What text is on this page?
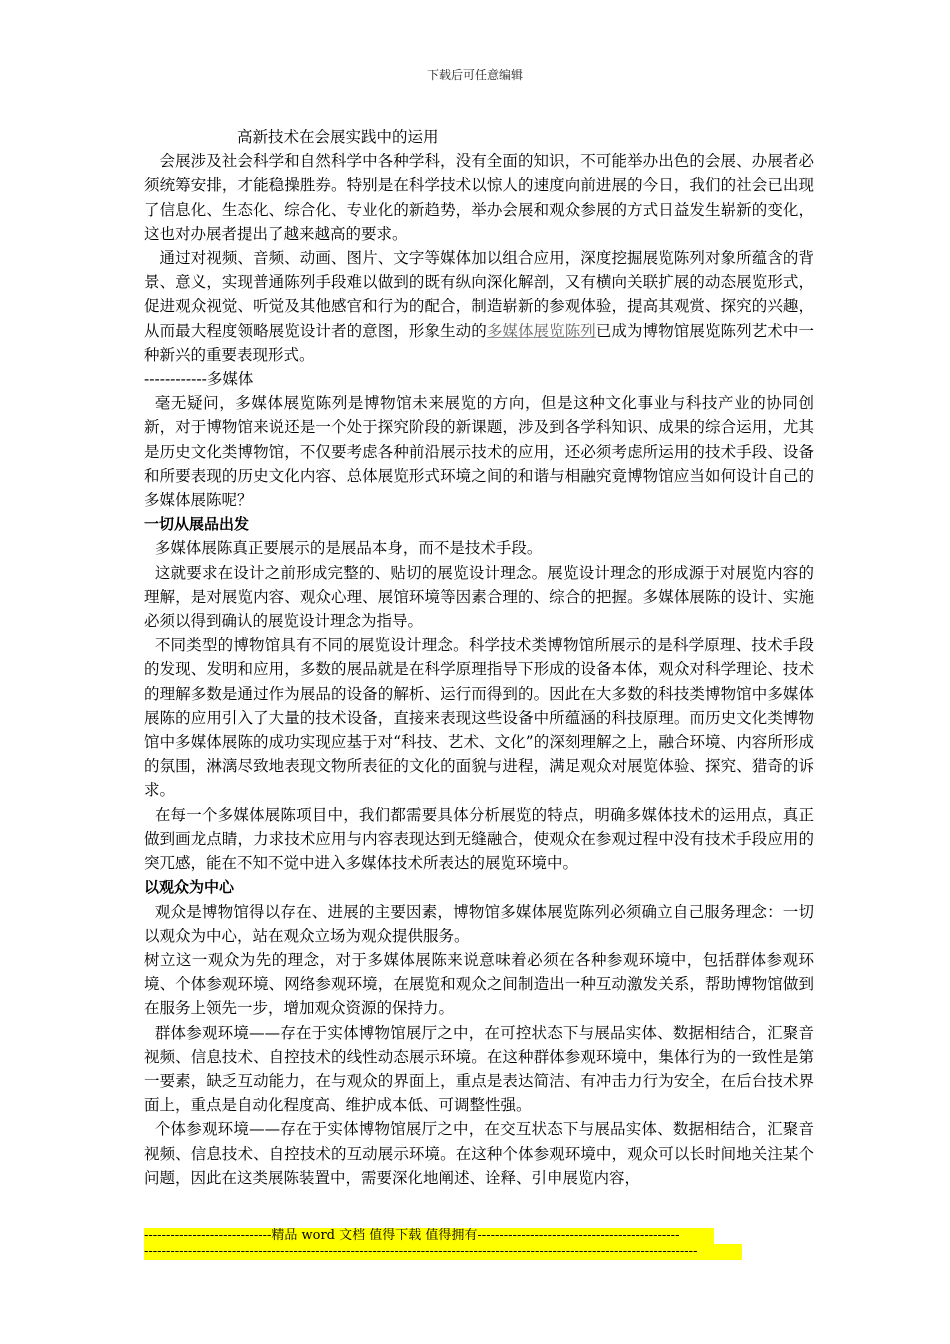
下载后可任意编辑

高新技术在会展实践中的运用

会展涉及社会科学和自然科学中各种学科，没有全面的知识，不可能举办出色的会展、办展者必须统筹安排，才能稳操胜券。特别是在科学技术以惊人的速度向前进展的今日，我们的社会已出现了信息化、生态化、综合化、专业化的新趋势，举办会展和观众参展的方式日益发生崭新的变化，这也对办展者提出了越来越高的要求。

通过对视频、音频、动画、图片、文字等媒体加以组合应用，深度挖掘展览陈列对象所蕴含的背景、意义，实现普通陈列手段难以做到的既有纵向深化解剖，又有横向关联扩展的动态展览形式，促进观众视觉、听觉及其他感官和行为的配合，制造崭新的参观体验，提高其观赏、探究的兴趣，从而最大程度领略展览设计者的意图，形象生动的多媒体展览陈列已成为博物馆展览陈列艺术中一种新兴的重要表现形式。

------------多媒体

毫无疑问，多媒体展览陈列是博物馆未来展览的方向，但是这种文化事业与科技产业的协同创新，对于博物馆来说还是一个处于探究阶段的新课题，涉及到各学科知识、成果的综合运用，尤其是历史文化类博物馆，不仅要考虑各种前沿展示技术的应用，还必须考虑所运用的技术手段、设备和所要表现的历史文化内容、总体展览形式环境之间的和谐与相融究竟博物馆应当如何设计自己的多媒体展陈呢？

一切从展品出发

多媒体展陈真正要展示的是展品本身，而不是技术手段。

这就要求在设计之前形成完整的、贴切的展览设计理念。展览设计理念的形成源于对展览内容的理解，是对展览内容、观众心理、展馆环境等因素合理的、综合的把握。多媒体展陈的设计、实施必须以得到确认的展览设计理念为指导。

不同类型的博物馆具有不同的展览设计理念。科学技术类博物馆所展示的是科学原理、技术手段的发现、发明和应用，多数的展品就是在科学原理指导下形成的设备本体，观众对科学理论、技术的理解多数是通过作为展品的设备的解析、运行而得到的。因此在大多数的科技类博物馆中多媒体展陈的应用引入了大量的技术设备，直接来表现这些设备中所蕴涵的科技原理。而历史文化类博物馆中多媒体展陈的成功实现应基于对“科技、艺术、文化”的深刻理解之上，融合环境、内容所形成的氛围，淋漓尽致地表现文物所表征的文化的面貌与进程，满足观众对展览体验、探究、猎奇的诉求。

在每一个多媒体展陈项目中，我们都需要具体分析展览的特点，明确多媒体技术的运用点，真正做到画龙点睛，力求技术应用与内容表现达到无缝融合，使观众在参观过程中没有技术手段应用的突兀感，能在不知不觉中进入多媒体技术所表达的展览环境中。

以观众为中心

观众是博物馆得以存在、进展的主要因素，博物馆多媒体展览陈列必须确立自己服务理念：一切以观众为中心，站在观众立场为观众提供服务。

树立这一观众为先的理念，对于多媒体展陈来说意味着必须在各种参观环境中，包括群体参观环境、个体参观环境、网络参观环境，在展览和观众之间制造出一种互动激发关系，帮助博物馆做到在服务上领先一步，增加观众资源的保持力。

群体参观环境——存在于实体博物馆展厅之中，在可控状态下与展品实体、数据相结合，汇聚音视频、信息技术、自控技术的线性动态展示环境。在这种群体参观环境中，集体行为的一致性是第一要素，缺乏互动能力，在与观众的界面上，重点是表达简洁、有冲击力行为安全，在后台技术界面上，重点是自动化程度高、维护成本低、可调整性强。

个体参观环境——存在于实体博物馆展厅之中，在交互状态下与展品实体、数据相结合，汇聚音视频、信息技术、自控技术的互动展示环境。在这种个体参观环境中，观众可以长时间地关注某个问题，因此在这类展陈装置中，需要深化地阐述、诠释、引申展览内容，

-----------------------------精品 word 文档 值得下载 值得拥有----------------------------------------------
------------------------------------------------------------------------------------------------------------------------------
